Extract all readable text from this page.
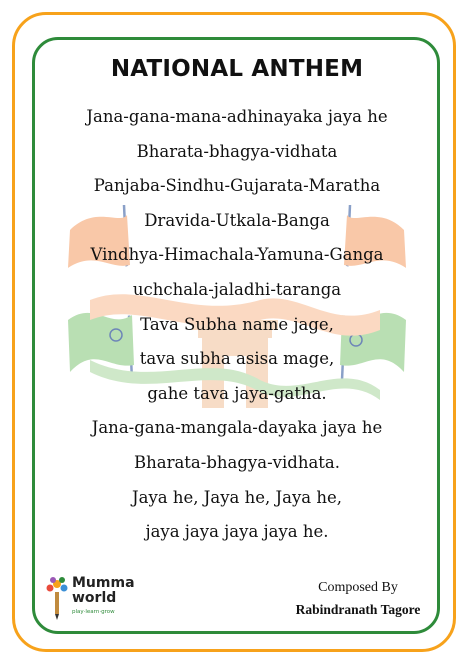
NATIONAL ANTHEM
Jana-gana-mana-adhinayaka jaya he
Bharata-bhagya-vidhata
Panjaba-Sindhu-Gujarata-Maratha
Dravida-Utkala-Banga
Vindhya-Himachala-Yamuna-Ganga
uchchala-jaladhi-taranga
Tava Subha name jage,
tava subha asisa mage,
gahe tava jaya-gatha.
Jana-gana-mangala-dayaka jaya he
Bharata-bhagya-vidhata.
Jaya he, Jaya he, Jaya he,
jaya jaya jaya jaya he.
Mumma
world
play·learn·grow
Composed By
Rabindranath Tagore
